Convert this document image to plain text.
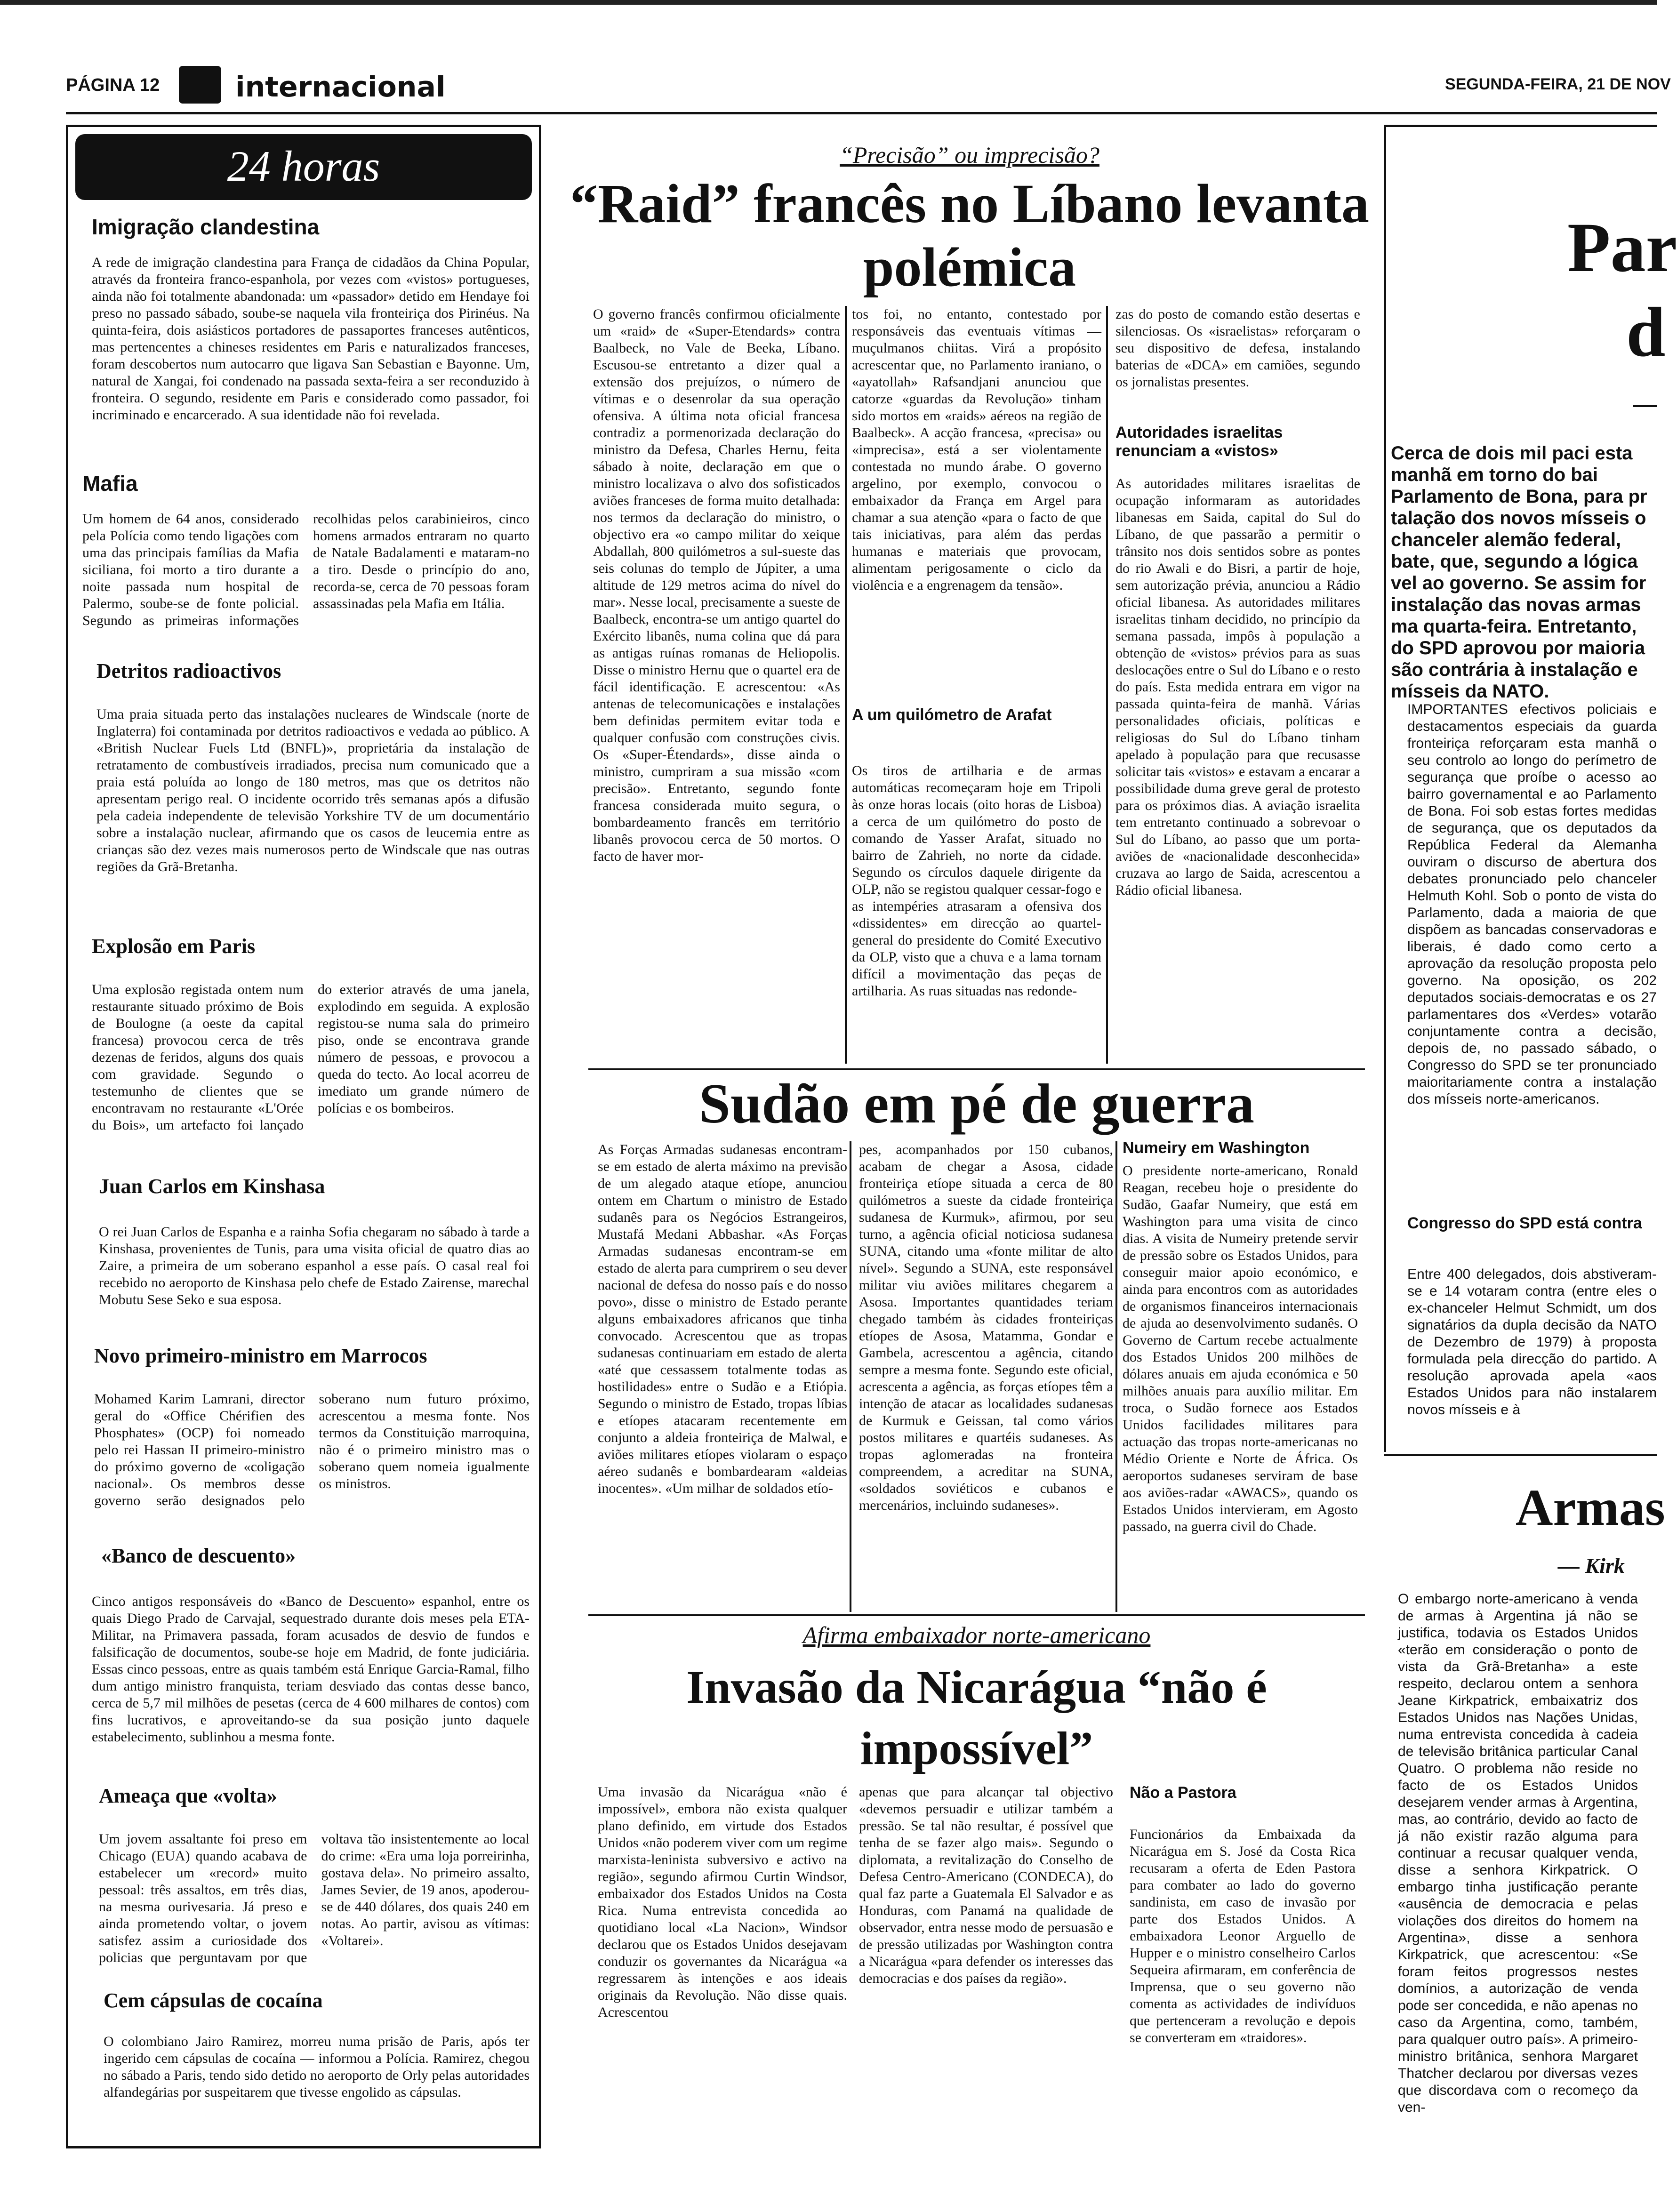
PÁGINA 12	internacional	SEGUNDA-FEIRA, 21 DE NOV
24 horas
Imigração clandestina
A rede de imigração clandestina para França de cidadãos da China Popular, através da fronteira franco-espanhola, por vezes com «vistos» portugueses, ainda não foi totalmente abandonada: um «passador» detido em Hendaye foi preso no passado sábado, soube-se naquela vila fronteiriça dos Pirinéus. Na quinta-feira, dois asiásticos portadores de passaportes franceses autênticos, mas pertencentes a chineses residentes em Paris e naturalizados franceses, foram descobertos num autocarro que ligava San Sebastian e Bayonne. Um, natural de Xangai, foi condenado na passada sexta-feira a ser reconduzido à fronteira. O segundo, residente em Paris e considerado como passador, foi incriminado e encarcerado. A sua identidade não foi revelada.
Mafia
Um homem de 64 anos, considerado pela Polícia como tendo ligações com uma das principais famílias da Mafia siciliana, foi morto a tiro durante a noite passada num hospital de Palermo, soube-se de fonte policial. Segundo as primeiras informações recolhidas pelos carabinieiros, cinco homens armados entraram no quarto de Natale Badalamenti e mataram-no a tiro. Desde o princípio do ano, recorda-se, cerca de 70 pessoas foram assassinadas pela Mafia em Itália.
Detritos radioactivos
Uma praia situada perto das instalações nucleares de Windscale (norte de Inglaterra) foi contaminada por detritos radioactivos e vedada ao público. A «British Nuclear Fuels Ltd (BNFL)», proprietária da instalação de retratamento de combustíveis irradiados, precisa num comunicado que a praia está poluída ao longo de 180 metros, mas que os detritos não apresentam perigo real. O incidente ocorrido três semanas após a difusão pela cadeia independente de televisão Yorkshire TV de um documentário sobre a instalação nuclear, afirmando que os casos de leucemia entre as crianças são dez vezes mais numerosos perto de Windscale que nas outras regiões da Grã-Bretanha.
Explosão em Paris
Uma explosão registada ontem num restaurante situado próximo de Bois de Boulogne (a oeste da capital francesa) provocou cerca de três dezenas de feridos, alguns dos quais com gravidade. Segundo o testemunho de clientes que se encontravam no restaurante «L'Orée du Bois», um artefacto foi lançado do exterior através de uma janela, explodindo em seguida. A explosão registou-se numa sala do primeiro piso, onde se encontrava grande número de pessoas, e provocou a queda do tecto. Ao local acorreu de imediato um grande número de polícias e os bombeiros.
Juan Carlos em Kinshasa
O rei Juan Carlos de Espanha e a rainha Sofia chegaram no sábado à tarde a Kinshasa, provenientes de Tunis, para uma visita oficial de quatro dias ao Zaire, a primeira de um soberano espanhol a esse país. O casal real foi recebido no aeroporto de Kinshasa pelo chefe de Estado Zairense, marechal Mobutu Sese Seko e sua esposa.
Novo primeiro-ministro em Marrocos
Mohamed Karim Lamrani, director geral do «Office Chérifien des Phosphates» (OCP) foi nomeado pelo rei Hassan II primeiro-ministro do próximo governo de «coligação nacional». Os membros desse governo serão designados pelo soberano num futuro próximo, acrescentou a mesma fonte. Nos termos da Constituição marroquina, não é o primeiro ministro mas o soberano quem nomeia igualmente os ministros.
«Banco de descuento»
Cinco antigos responsáveis do «Banco de Descuento» espanhol, entre os quais Diego Prado de Carvajal, sequestrado durante dois meses pela ETA-Militar, na Primavera passada, foram acusados de desvio de fundos e falsificação de documentos, soube-se hoje em Madrid, de fonte judiciária. Essas cinco pessoas, entre as quais também está Enrique Garcia-Ramal, filho dum antigo ministro franquista, teriam desviado das contas desse banco, cerca de 5,7 mil milhões de pesetas (cerca de 4 600 milhares de contos) com fins lucrativos, e aproveitando-se da sua posição junto daquele estabelecimento, sublinhou a mesma fonte.
Ameaça que «volta»
Um jovem assaltante foi preso em Chicago (EUA) quando acabava de estabelecer um «record» muito pessoal: três assaltos, em três dias, na mesma ourivesaria. Já preso e ainda prometendo voltar, o jovem satisfez assim a curiosidade dos policias que perguntavam por que voltava tão insistentemente ao local do crime: «Era uma loja porreirinha, gostava dela». No primeiro assalto, James Sevier, de 19 anos, apoderou-se de 440 dólares, dos quais 240 em notas. Ao partir, avisou as vítimas: «Voltarei».
Cem cápsulas de cocaína
O colombiano Jairo Ramirez, morreu numa prisão de Paris, após ter ingerido cem cápsulas de cocaína — informou a Polícia. Ramirez, chegou no sábado a Paris, tendo sido detido no aeroporto de Orly pelas autoridades alfandegárias por suspeitarem que tivesse engolido as cápsulas.
“Precisão” ou imprecisão?
“Raid” francês no Líbano levanta polémica
O governo francês confirmou oficialmente um «raid» de «Super-Etendards» contra Baalbeck, no Vale de Beeka, Líbano. Escusou-se entretanto a dizer qual a extensão dos prejuízos, o número de vítimas e o desenrolar da sua operação ofensiva. A última nota oficial francesa contradiz a pormenorizada declaração do ministro da Defesa, Charles Hernu, feita sábado à noite, declaração em que o ministro localizava o alvo dos sofisticados aviões franceses de forma muito detalhada: nos termos da declaração do ministro, o objectivo era «o campo militar do xeique Abdallah, 800 quilómetros a sul-sueste das seis colunas do templo de Júpiter, a uma altitude de 129 metros acima do nível do mar». Nesse local, precisamente a sueste de Baalbeck, encontra-se um antigo quartel do Exército libanês, numa colina que dá para as antigas ruínas romanas de Heliopolis. Disse o ministro Hernu que o quartel era de fácil identificação. E acrescentou: «As antenas de telecomunicações e instalações bem definidas permitem evitar toda e qualquer confusão com construções civis. Os «Super-Étendards», disse ainda o ministro, cumpriram a sua missão «com precisão». Entretanto, segundo fonte francesa considerada muito segura, o bombardeamento francês em território libanês provocou cerca de 50 mortos. O facto de haver mor-
tos foi, no entanto, contestado por responsáveis das eventuais vítimas — muçulmanos chiitas. Virá a propósito acrescentar que, no Parlamento iraniano, o «ayatollah» Rafsandjani anunciou que catorze «guardas da Revolução» tinham sido mortos em «raids» aéreos na região de Baalbeck». A acção francesa, «precisa» ou «imprecisa», está a ser violentamente contestada no mundo árabe. O governo argelino, por exemplo, convocou o embaixador da França em Argel para chamar a sua atenção «para o facto de que tais iniciativas, para além das perdas humanas e materiais que provocam, alimentam perigosamente o ciclo da violência e a engrenagem da tensão».
A um quilómetro de Arafat
Os tiros de artilharia e de armas automáticas recomeçaram hoje em Tripoli às onze horas locais (oito horas de Lisboa) a cerca de um quilómetro do posto de comando de Yasser Arafat, situado no bairro de Zahrieh, no norte da cidade. Segundo os círculos daquele dirigente da OLP, não se registou qualquer cessar-fogo e as intempéries atrasaram a ofensiva dos «dissidentes» em direcção ao quartel-general do presidente do Comité Executivo da OLP, visto que a chuva e a lama tornam difícil a movimentação das peças de artilharia. As ruas situadas nas redonde-
zas do posto de comando estão desertas e silenciosas. Os «israelistas» reforçaram o seu dispositivo de defesa, instalando baterias de «DCA» em camiões, segundo os jornalistas presentes.
Autoridades israelitas renunciam a «vistos»
As autoridades militares israelitas de ocupação informaram as autoridades libanesas em Saida, capital do Sul do Líbano, de que passarão a permitir o trânsito nos dois sentidos sobre as pontes do rio Awali e do Bisri, a partir de hoje, sem autorização prévia, anunciou a Rádio oficial libanesa. As autoridades militares israelitas tinham decidido, no princípio da semana passada, impôs à população a obtenção de «vistos» prévios para as suas deslocações entre o Sul do Líbano e o resto do país. Esta medida entrara em vigor na passada quinta-feira de manhã. Várias personalidades oficiais, políticas e religiosas do Sul do Líbano tinham apelado à população para que recusasse solicitar tais «vistos» e estavam a encarar a possibilidade duma greve geral de protesto para os próximos dias. A aviação israelita tem entretanto continuado a sobrevoar o Sul do Líbano, ao passo que um porta-aviões de «nacionalidade desconhecida» cruzava ao largo de Saida, acrescentou a Rádio oficial libanesa.
Sudão em pé de guerra
As Forças Armadas sudanesas encontram-se em estado de alerta máximo na previsão de um alegado ataque etíope, anunciou ontem em Chartum o ministro de Estado sudanês para os Negócios Estrangeiros, Mustafá Medani Abbashar. «As Forças Armadas sudanesas encontram-se em estado de alerta para cumprirem o seu dever nacional de defesa do nosso país e do nosso povo», disse o ministro de Estado perante alguns embaixadores africanos que tinha convocado. Acrescentou que as tropas sudanesas continuariam em estado de alerta «até que cessassem totalmente todas as hostilidades» entre o Sudão e a Etiópia. Segundo o ministro de Estado, tropas líbias e etíopes atacaram recentemente em conjunto a aldeia fronteiriça de Malwal, e aviões militares etíopes violaram o espaço aéreo sudanês e bombardearam «aldeias inocentes». «Um milhar de soldados etío-
pes, acompanhados por 150 cubanos, acabam de chegar a Asosa, cidade fronteiriça etíope situada a cerca de 80 quilómetros a sueste da cidade fronteiriça sudanesa de Kurmuk», afirmou, por seu turno, a agência oficial noticiosa sudanesa SUNA, citando uma «fonte militar de alto nível». Segundo a SUNA, este responsável militar viu aviões militares chegarem a Asosa. Importantes quantidades teriam chegado também às cidades fronteiriças etíopes de Asosa, Matamma, Gondar e Gambela, acrescentou a agência, citando sempre a mesma fonte. Segundo este oficial, acrescenta a agência, as forças etíopes têm a intenção de atacar as localidades sudanesas de Kurmuk e Geissan, tal como vários postos militares e quartéis sudaneses. As tropas aglomeradas na fronteira compreendem, a acreditar na SUNA, «soldados soviéticos e cubanos e mercenários, incluindo sudaneses».
Numeiry em Washington
O presidente norte-americano, Ronald Reagan, recebeu hoje o presidente do Sudão, Gaafar Numeiry, que está em Washington para uma visita de cinco dias. A visita de Numeiry pretende servir de pressão sobre os Estados Unidos, para conseguir maior apoio económico, e ainda para encontros com as autoridades de organismos financeiros internacionais de ajuda ao desenvolvimento sudanês. O Governo de Cartum recebe actualmente dos Estados Unidos 200 milhões de dólares anuais em ajuda económica e 50 milhões anuais para auxílio militar. Em troca, o Sudão fornece aos Estados Unidos facilidades militares para actuação das tropas norte-americanas no Médio Oriente e Norte de África. Os aeroportos sudaneses serviram de base aos aviões-radar «AWACS», quando os Estados Unidos intervieram, em Agosto passado, na guerra civil do Chade.
Afirma embaixador norte-americano
Invasão da Nicarágua “não é impossível”
Uma invasão da Nicarágua «não é impossível», embora não exista qualquer plano definido, em virtude dos Estados Unidos «não poderem viver com um regime marxista-leninista subversivo e activo na região», segundo afirmou Curtin Windsor, embaixador dos Estados Unidos na Costa Rica. Numa entrevista concedida ao quotidiano local «La Nacion», Windsor declarou que os Estados Unidos desejavam conduzir os governantes da Nicarágua «a regressarem às intenções e aos ideais originais da Revolução. Não disse quais. Acrescentou
apenas que para alcançar tal objectivo «devemos persuadir e utilizar também a pressão. Se tal não resultar, é possível que tenha de se fazer algo mais». Segundo o diplomata, a revitalização do Conselho de Defesa Centro-Americano (CONDECA), do qual faz parte a Guatemala El Salvador e as Honduras, com Panamá na qualidade de observador, entra nesse modo de persuasão e de pressão utilizadas por Washington contra a Nicarágua «para defender os interesses das democracias e dos países da região».
Não a Pastora
Funcionários da Embaixada da Nicarágua em S. José da Costa Rica recusaram a oferta de Eden Pastora para combater ao lado do governo sandinista, em caso de invasão por parte dos Estados Unidos. A embaixadora Leonor Arguello de Hupper e o ministro conselheiro Carlos Sequeira afirmaram, em conferência de Imprensa, que o seu governo não comenta as actividades de indivíduos que pertenceram a revolução e depois se converteram em «traidores».
Par
d
Cerca de dois mil paci esta manhã em torno do bai Parlamento de Bona, para pr talação dos novos mísseis o chanceler alemão federal, bate, que, segundo a lógica vel ao governo. Se assim for instalação das novas armas ma quarta-feira. Entretanto, do SPD aprovou por maioria são contrária à instalação e mísseis da NATO.
IMPORTANTES efectivos policiais e destacamentos especiais da guarda fronteiriça reforçaram esta manhã o seu controlo ao longo do perímetro de segurança que proíbe o acesso ao bairro governamental e ao Parlamento de Bona. Foi sob estas fortes medidas de segurança, que os deputados da República Federal da Alemanha ouviram o discurso de abertura dos debates pronunciado pelo chanceler Helmuth Kohl. Sob o ponto de vista do Parlamento, dada a maioria de que dispõem as bancadas conservadoras e liberais, é dado como certo a aprovação da resolução proposta pelo governo. Na oposição, os 202 deputados sociais-democratas e os 27 parlamentares dos «Verdes» votarão conjuntamente contra a decisão, depois de, no passado sábado, o Congresso do SPD se ter pronunciado maioritariamente contra a instalação dos mísseis norte-americanos.
Congresso do SPD está contra
Entre 400 delegados, dois abstiveram-se e 14 votaram contra (entre eles o ex-chanceler Helmut Schmidt, um dos signatários da dupla decisão da NATO de Dezembro de 1979) à proposta formulada pela direcção do partido. A resolução aprovada apela «aos Estados Unidos para não instalarem novos mísseis e à
Armas
— Kirk
O embargo norte-americano à venda de armas à Argentina já não se justifica, todavia os Estados Unidos «terão em consideração o ponto de vista da Grã-Bretanha» a este respeito, declarou ontem a senhora Jeane Kirkpatrick, embaixatriz dos Estados Unidos nas Nações Unidas, numa entrevista concedida à cadeia de televisão britânica particular Canal Quatro. O problema não reside no facto de os Estados Unidos desejarem vender armas à Argentina, mas, ao contrário, devido ao facto de já não existir razão alguma para continuar a recusar qualquer venda, disse a senhora Kirkpatrick. O embargo tinha justificação perante «ausência de democracia e pelas violações dos direitos do homem na Argentina», disse a senhora Kirkpatrick, que acrescentou: «Se foram feitos progressos nestes domínios, a autorização de venda pode ser concedida, e não apenas no caso da Argentina, como, também, para qualquer outro país». A primeiro-ministro britânica, senhora Margaret Thatcher declarou por diversas vezes que discordava com o recomeço da ven-
